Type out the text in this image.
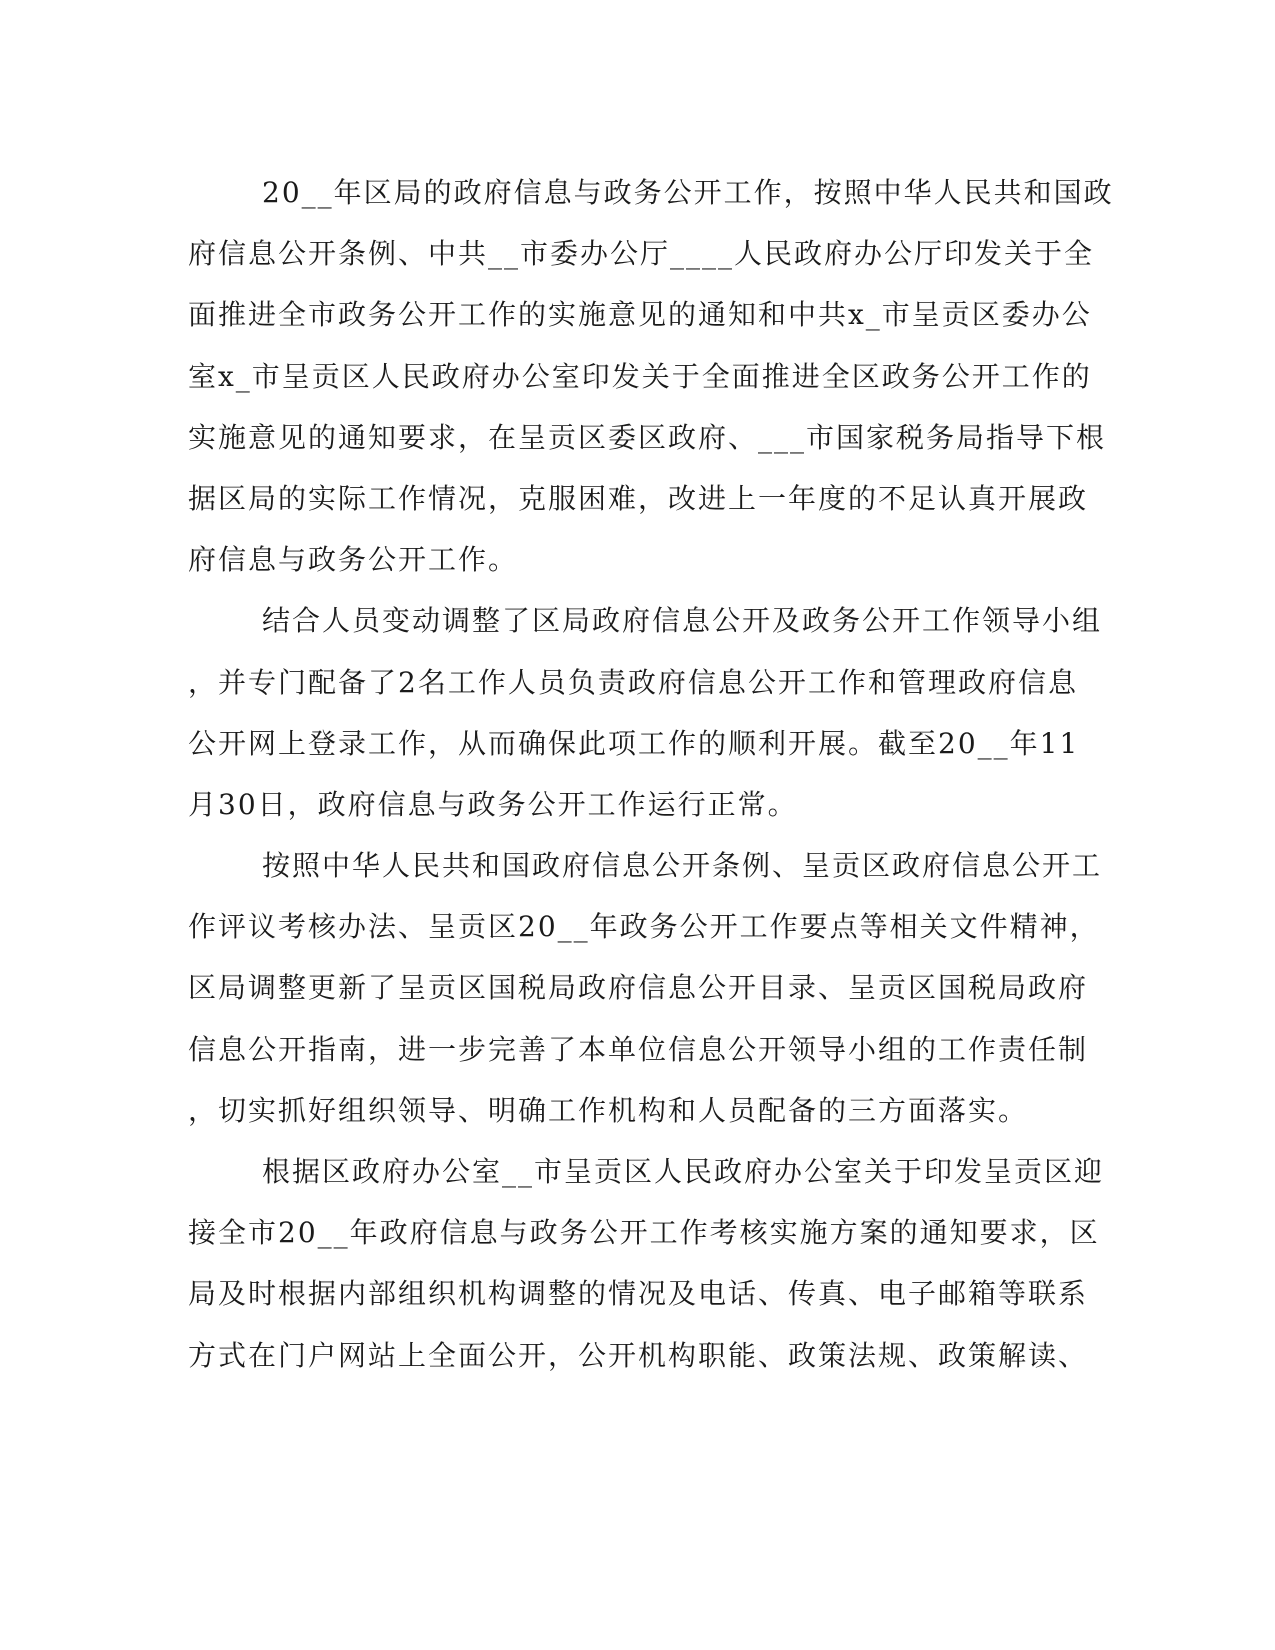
20__年区局的政府信息与政务公开工作，按照中华人民共和国政
府信息公开条例、中共__市委办公厅____人民政府办公厅印发关于全
面推进全市政务公开工作的实施意见的通知和中共x_市呈贡区委办公
室x_市呈贡区人民政府办公室印发关于全面推进全区政务公开工作的
实施意见的通知要求，在呈贡区委区政府、___市国家税务局指导下根
据区局的实际工作情况，克服困难，改进上一年度的不足认真开展政
府信息与政务公开工作。
结合人员变动调整了区局政府信息公开及政务公开工作领导小组
，并专门配备了2名工作人员负责政府信息公开工作和管理政府信息
公开网上登录工作，从而确保此项工作的顺利开展。截至20__年11
月30日，政府信息与政务公开工作运行正常。
按照中华人民共和国政府信息公开条例、呈贡区政府信息公开工
作评议考核办法、呈贡区20__年政务公开工作要点等相关文件精神，
区局调整更新了呈贡区国税局政府信息公开目录、呈贡区国税局政府
信息公开指南，进一步完善了本单位信息公开领导小组的工作责任制
，切实抓好组织领导、明确工作机构和人员配备的三方面落实。
根据区政府办公室__市呈贡区人民政府办公室关于印发呈贡区迎
接全市20__年政府信息与政务公开工作考核实施方案的通知要求，区
局及时根据内部组织机构调整的情况及电话、传真、电子邮箱等联系
方式在门户网站上全面公开，公开机构职能、政策法规、政策解读、
